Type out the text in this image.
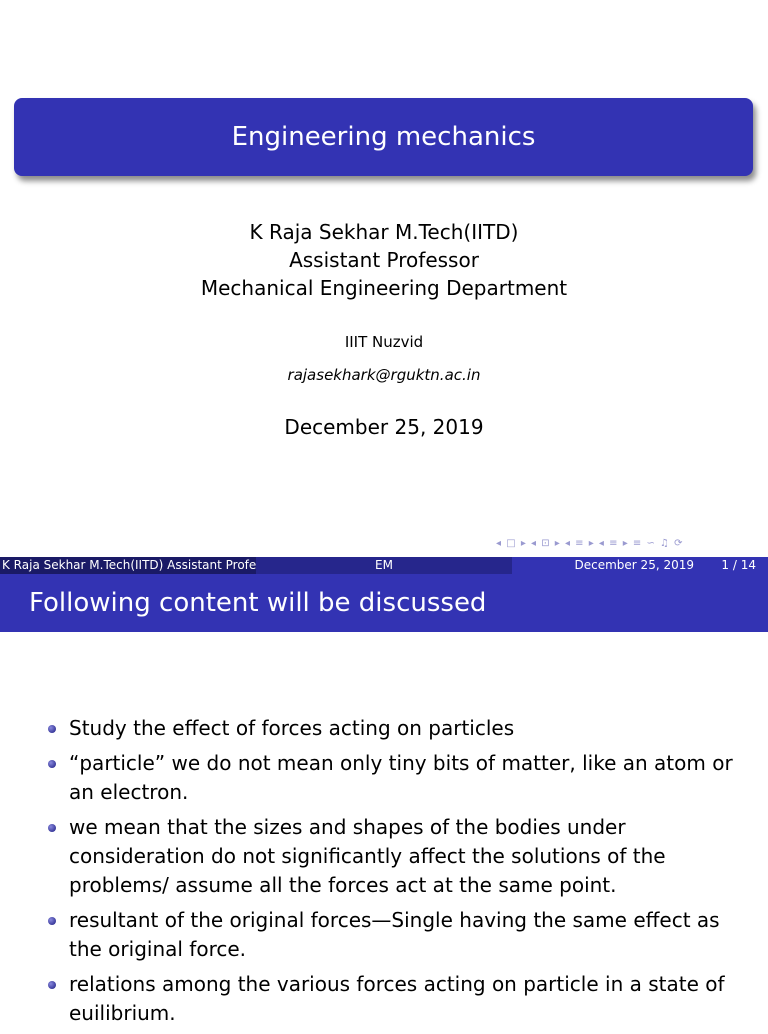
Engineering mechanics
K Raja Sekhar M.Tech(IITD)
Assistant Professor
Mechanical Engineering Department
IIIT Nuzvid
rajasekhark@rguktn.ac.in
December 25, 2019
◂ □ ▸ ◂ ⊡ ▸ ◂ ≡ ▸ ◂ ≡ ▸ ≡ ∽ ♫ ⟳
K Raja Sekhar M.Tech(IITD) Assistant Profe	EM	December 25, 2019 1 / 14
Following content will be discussed
Study the effect of forces acting on particles
“particle” we do not mean only tiny bits of matter, like an atom or an electron.
we mean that the sizes and shapes of the bodies under consideration do not significantly affect the solutions of the problems/ assume all the forces act at the same point.
resultant of the original forces—Single having the same effect as the original force.
relations among the various forces acting on particle in a state of euilibrium.
